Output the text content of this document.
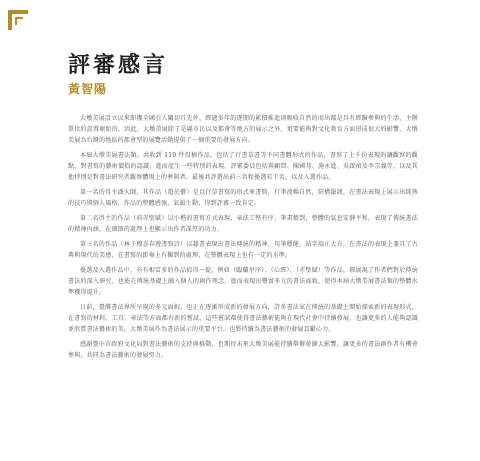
評審感言
黃智陽

大墩美展設立以來即獲全國引人關切且先外，經過多年的逐期的累積推進則吸收自然的而出都是具有經驗參與的生活，主辦單位的設置原始的，因此，大墩美展除了是縣市民以及都會等地方的展示之外，更要能夠對文化教育方面形成很大的影響，大墩美展為台灣的地區的都會型的展覽活動提供了一個重要的發展方向。

本屆大墩美展書法類，共收到 110 件投稿作品，包括了行書草書等不同書體形式的作品，書寫了上千份表現的讓觀察的觀點，對書寫的藝術價值的認識，進而產生一些特別的表現。評審委員包括與顧問、陳國邦、施永進、吳啟禎及李宗義等，以及其他特別是對書法研究者觀察體現上的參與者，最後共評選出前三名和優選若干名，以及入選作品。

第一名的得主潘大師，其作品（遊於藝）是以行草書寫的形式來書寫，行筆流暢自然，結構嚴謹，在書法表現上展示出純熟的技巧與個人風格，作品的整體感強，氣韻生動，得到評審一致肯定。

第二名得主的作品（前赤壁賦）以小楷的書寫方式表現，章法工整有序，筆畫精到，整體的氣息安靜平和，表現了傳統書法的精神內涵，在細節的處理上也顯示出作者深厚的功力。

第三名的作品（林子穆喜春遊書寫詩）以隸書表現出書法傳統的精神，用筆穩健，結字端正大方，在書法的表現上兼具了古典與現代的美感，在書寫的節奏上有獨到的處理，在整體表現上也有一定的水準。

優選及入選作品中，亦有相當多的作品值得一提，例如（臨蘭亭序）、（心經）、（赤壁賦）等作品，都展現了作者們對於傳統書法的深入研究，也能在傳統基礎上融入個人的創作理念，進而表現出豐富多元的書法面貌，使得本屆大墩美展書法類的整體水準獲得提升。

日前，臺灣書法界所呈現的多元面貌，也正在逐漸形成新的發展方向，許多書法家在傳統的基礎上開始探索新的表現形式，在書寫的材料、工具、章法等方面都有新的嘗試，這些嘗試都使得書法藝術能夠在現代社會中持續發展，也讓更多的人能夠認識並欣賞書法藝術的美，大墩美展作為書法展示的重要平台，也將持續為書法藝術的發展貢獻心力。

感謝臺中市政府文化局對書法藝術的支持與推動，也期待未來大墩美展能持續舉辦並擴大影響，讓更多的書法創作者有機會參與，共同為書法藝術的發展努力。
